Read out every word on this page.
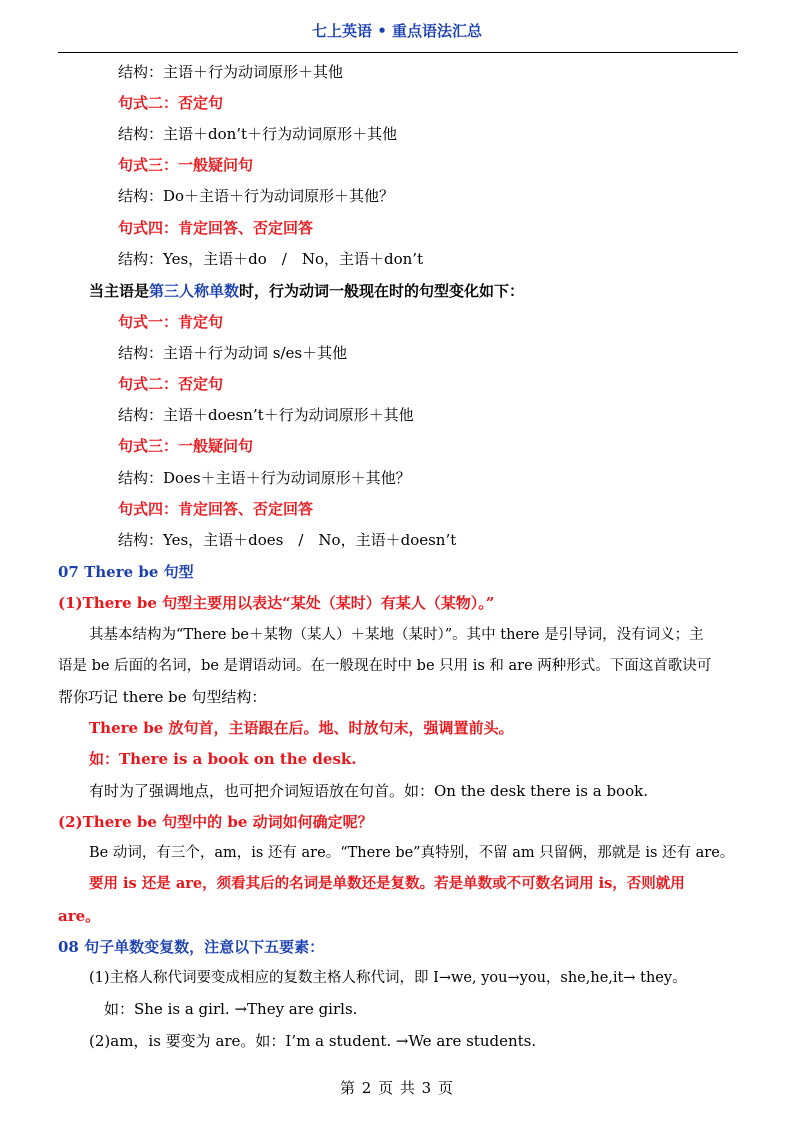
七上英语 • 重点语法汇总
结构：主语＋行为动词原形＋其他
句式二：否定句
结构：主语＋don’t＋行为动词原形＋其他
句式三：一般疑问句
结构：Do＋主语＋行为动词原形＋其他？
句式四：肯定回答、否定回答
结构：Yes，主语＋do　/　No，主语＋don’t
当主语是第三人称单数时，行为动词一般现在时的句型变化如下：
句式一：肯定句
结构：主语＋行为动词 s/es＋其他
句式二：否定句
结构：主语＋doesn’t＋行为动词原形＋其他
句式三：一般疑问句
结构：Does＋主语＋行为动词原形＋其他？
句式四：肯定回答、否定回答
结构：Yes，主语＋does　/　No，主语＋doesn’t
07 There be 句型
(1)There be 句型主要用以表达“某处（某时）有某人（某物）。”
其基本结构为“There be＋某物（某人）＋某地（某时）”。其中 there 是引导词，没有词义；主
语是 be 后面的名词，be 是谓语动词。在一般现在时中 be 只用 is 和 are 两种形式。下面这首歌诀可
帮你巧记 there be 句型结构：
There be 放句首，主语跟在后。地、时放句末，强调置前头。
如：There is a book on the desk.
有时为了强调地点，也可把介词短语放在句首。如：On the desk there is a book.
(2)There be 句型中的 be 动词如何确定呢？
Be 动词，有三个，am，is 还有 are。“There be”真特别，不留 am 只留俩，那就是 is 还有 are。
要用 is 还是 are，须看其后的名词是单数还是复数。若是单数或不可数名词用 is，否则就用
are。
08 句子单数变复数，注意以下五要素：
(1)主格人称代词要变成相应的复数主格人称代词，即 I→we, you→you，she,he,it→ they。
如：She is a girl. →They are girls.
(2)am，is 要变为 are。如：I’m a student. →We are students.
第 2 页 共 3 页
